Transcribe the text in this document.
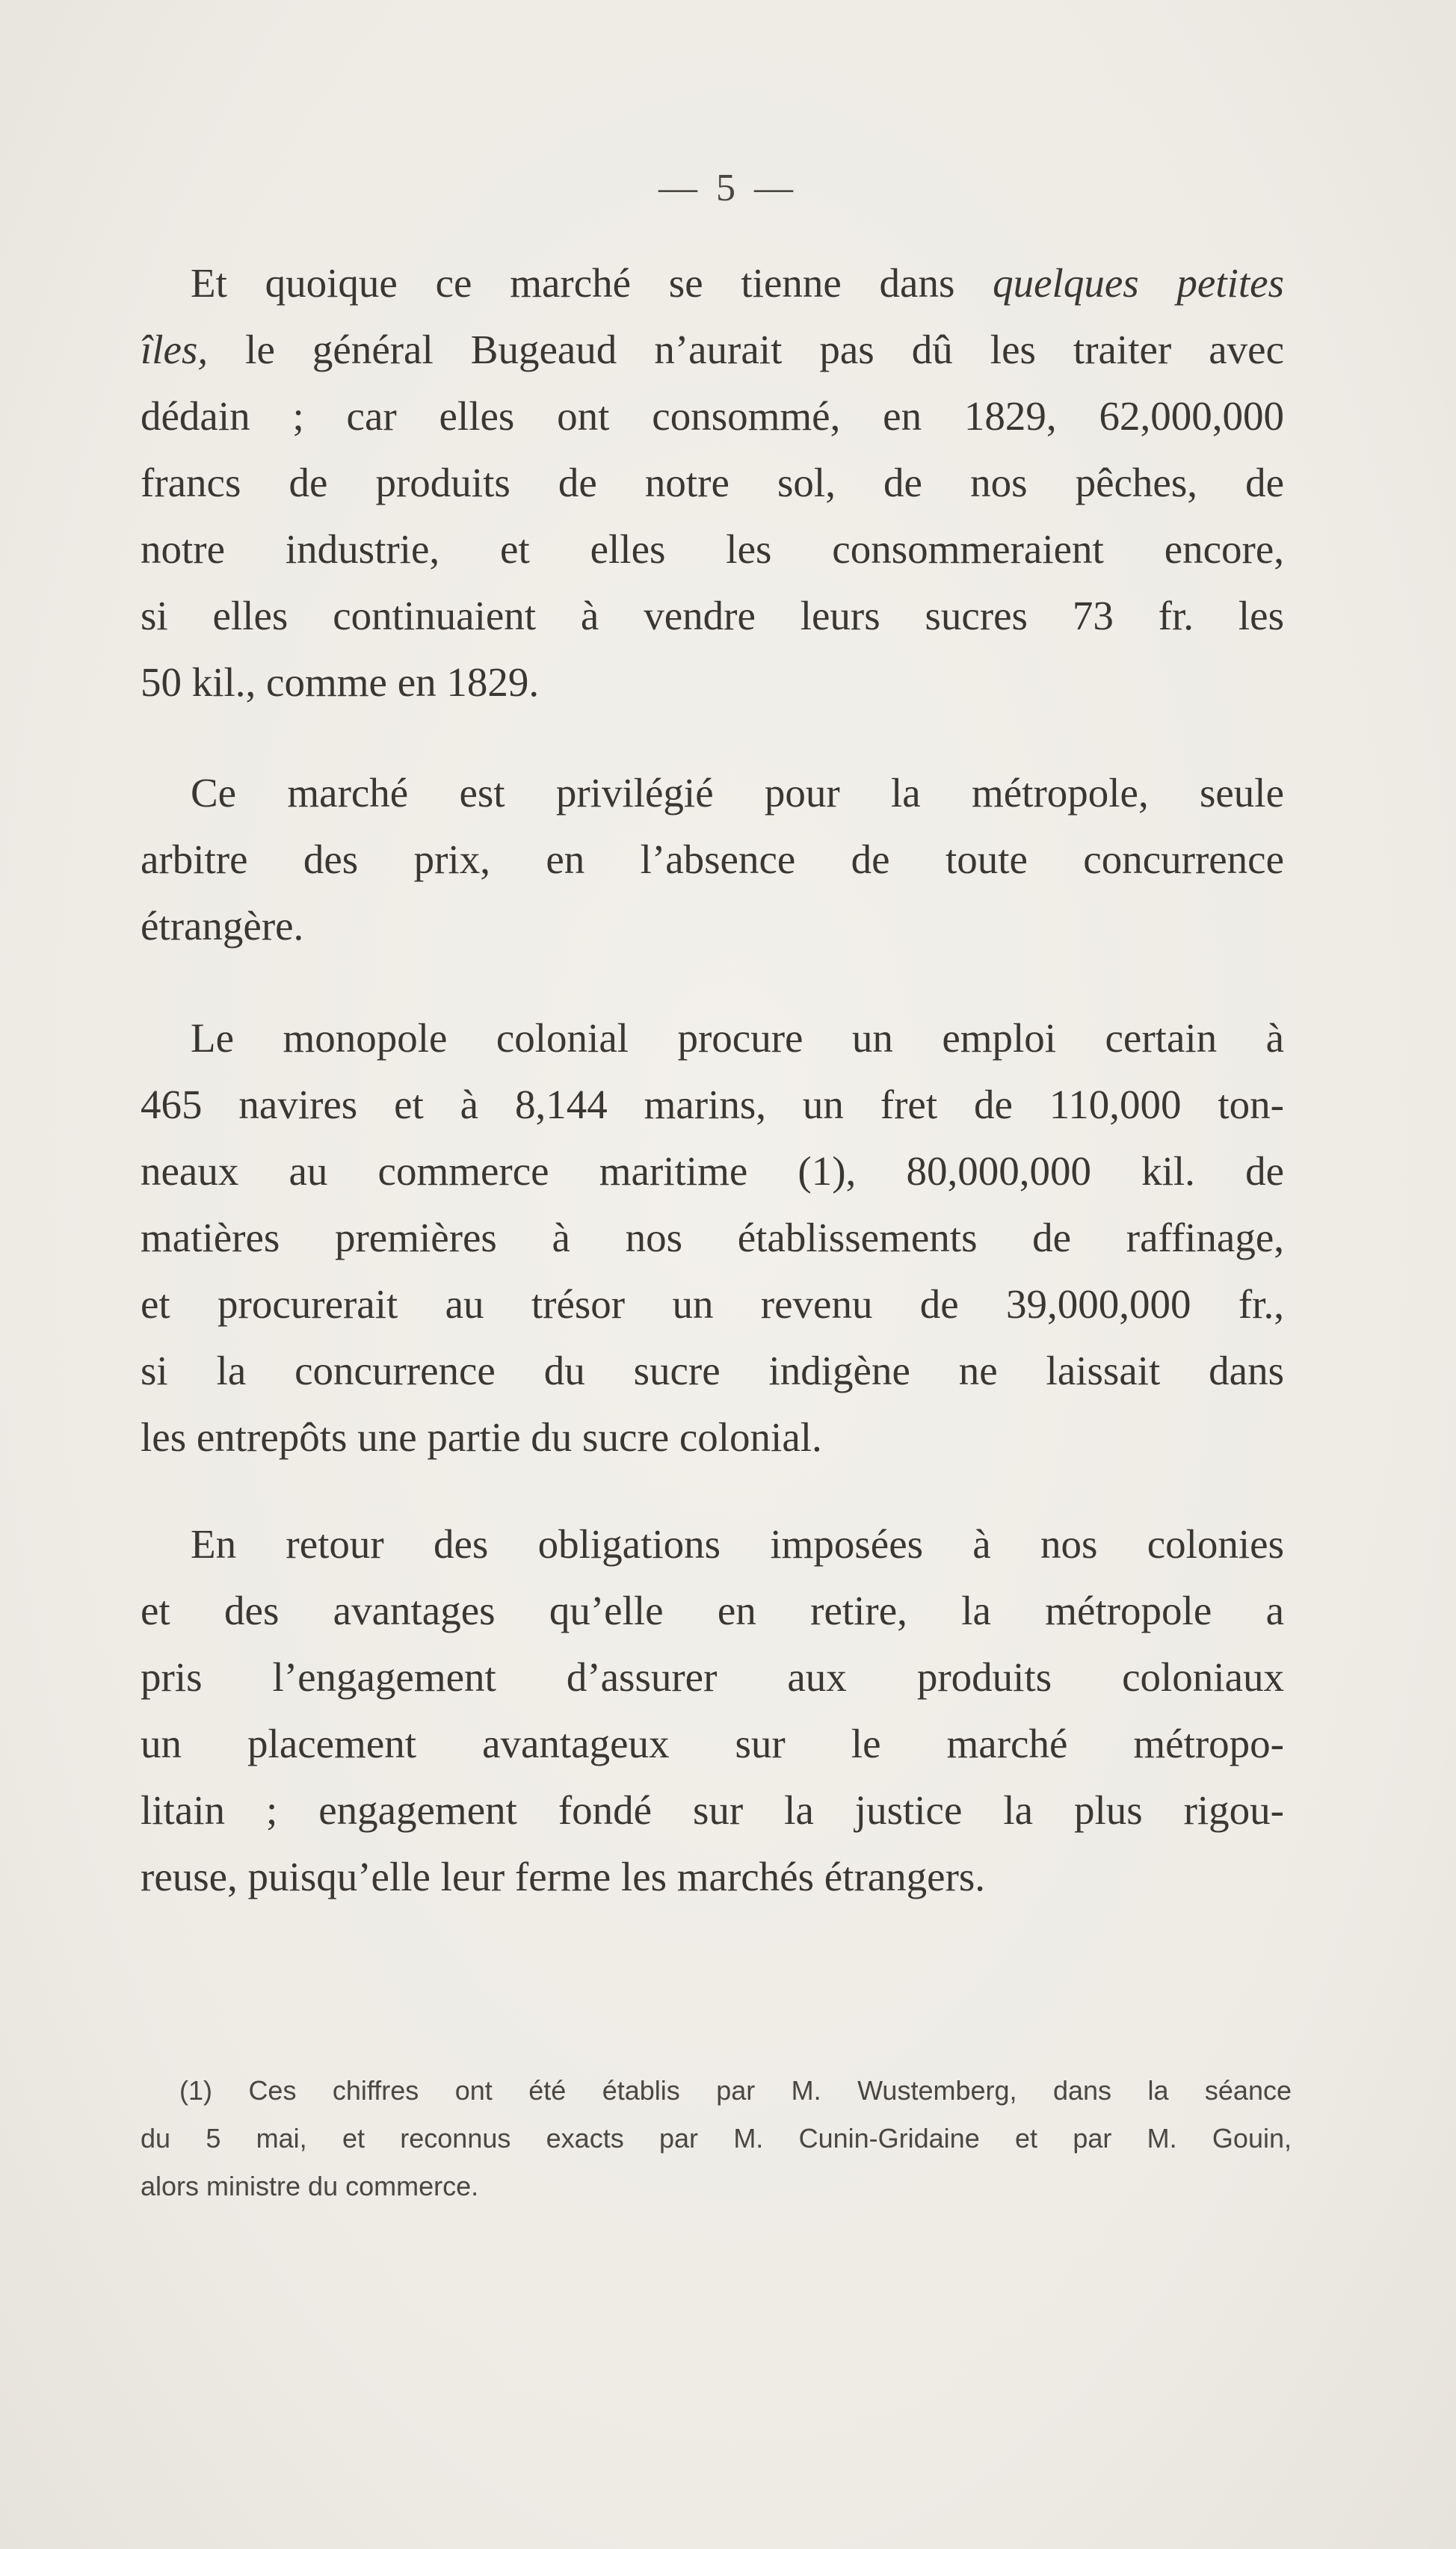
— 5 —
Et quoique ce marché se tienne dans quelques petites
îles, le général Bugeaud n’aurait pas dû les traiter avec
dédain ; car elles ont consommé, en 1829, 62,000,000
francs de produits de notre sol, de nos pêches, de
notre industrie, et elles les consommeraient encore,
si elles continuaient à vendre leurs sucres 73 fr. les
50 kil., comme en 1829.
Ce marché est privilégié pour la métropole, seule
arbitre des prix, en l’absence de toute concurrence
étrangère.
Le monopole colonial procure un emploi certain à
465 navires et à 8,144 marins, un fret de 110,000 ton-
neaux au commerce maritime (1), 80,000,000 kil. de
matières premières à nos établissements de raffinage,
et procurerait au trésor un revenu de 39,000,000 fr.,
si la concurrence du sucre indigène ne laissait dans
les entrepôts une partie du sucre colonial.
En retour des obligations imposées à nos colonies
et des avantages qu’elle en retire, la métropole a
pris l’engagement d’assurer aux produits coloniaux
un placement avantageux sur le marché métropo-
litain ; engagement fondé sur la justice la plus rigou-
reuse, puisqu’elle leur ferme les marchés étrangers.
(1) Ces chiffres ont été établis par M. Wustemberg, dans la séance
du 5 mai, et reconnus exacts par M. Cunin-Gridaine et par M. Gouin,
alors ministre du commerce.
